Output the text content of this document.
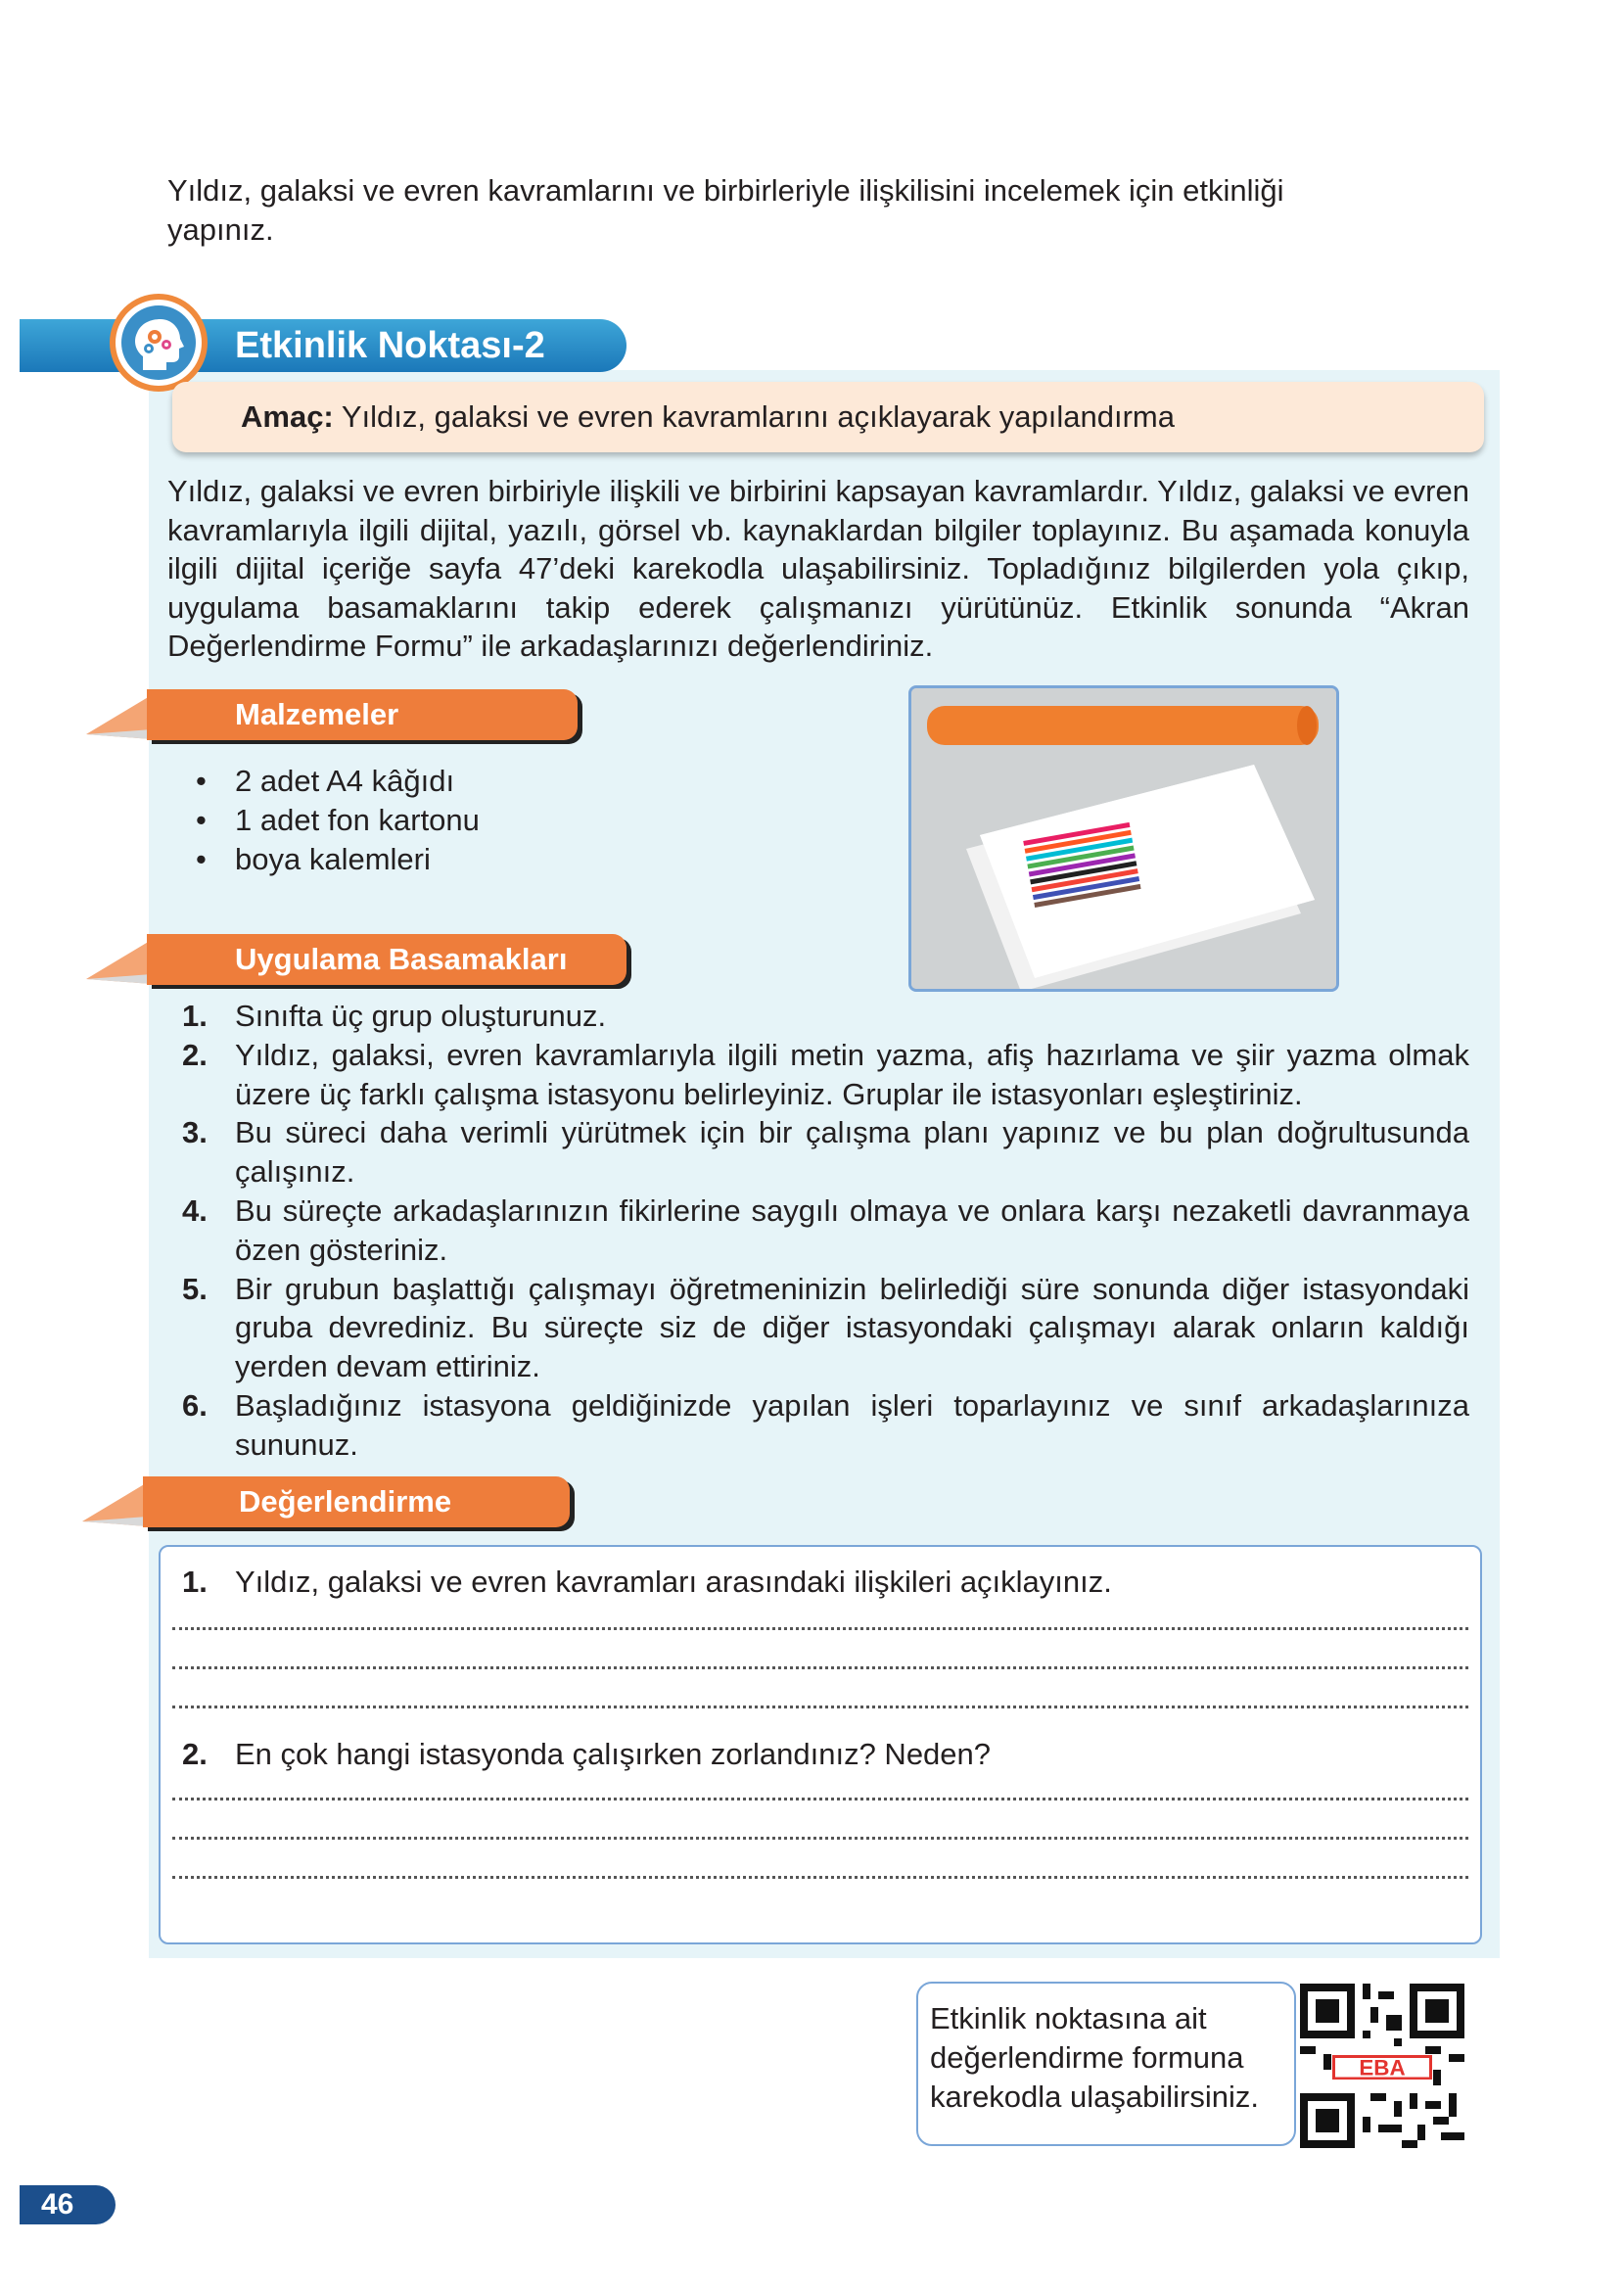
Yıldız, galaksi ve evren kavramlarını ve birbirleriyle ilişkilisini incelemek için etkinliği
yapınız.
Etkinlik Noktası-2
Amaç: Yıldız, galaksi ve evren kavramlarını açıklayarak yapılandırma
Yıldız, galaksi ve evren birbiriyle ilişkili ve birbirini kapsayan kavramlardır. Yıldız, galaksi ve evren kavramlarıyla ilgili dijital, yazılı, görsel vb. kaynaklardan bilgiler toplayınız. Bu aşamada konuyla ilgili dijital içeriğe sayfa 47’deki karekodla ulaşabilirsiniz. Topladığınız bilgilerden yola çıkıp, uygulama basamaklarını takip ederek çalışmanızı yürütünüz. Etkinlik sonunda “Akran Değerlendirme Formu” ile arkadaşlarınızı değerlendiriniz.
Malzemeler
• 2 adet A4 kâğıdı
• 1 adet fon kartonu
• boya kalemleri
Uygulama Basamakları
1. Sınıfta üç grup oluşturunuz.
2. Yıldız, galaksi, evren kavramlarıyla ilgili metin yazma, afiş hazırlama ve şiir yazma olmak üzere üç farklı çalışma istasyonu belirleyiniz. Gruplar ile istasyonları eşleştiriniz.
3. Bu süreci daha verimli yürütmek için bir çalışma planı yapınız ve bu plan doğrultusunda çalışınız.
4. Bu süreçte arkadaşlarınızın fikirlerine saygılı olmaya ve onlara karşı nezaketli davranmaya özen gösteriniz.
5. Bir grubun başlattığı çalışmayı öğretmeninizin belirlediği süre sonunda diğer istasyondaki gruba devrediniz. Bu süreçte siz de diğer istasyondaki çalışmayı alarak onların kaldığı yerden devam ettiriniz.
6. Başladığınız istasyona geldiğinizde yapılan işleri toparlayınız ve sınıf arkadaşlarınıza sununuz.
Değerlendirme
1. Yıldız, galaksi ve evren kavramları arasındaki ilişkileri açıklayınız.
2. En çok hangi istasyonda çalışırken zorlandınız? Neden?
Etkinlik noktasına ait
değerlendirme formuna
karekodla ulaşabilirsiniz.
EBA
46
